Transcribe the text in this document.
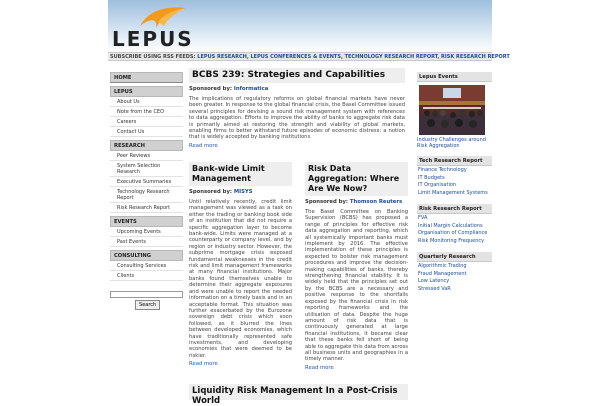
LEPUS
SUBSCRIBE USING RSS FEEDS: LEPUS RESEARCH, LEPUS CONFERENCES & EVENTS, TECHNOLOGY RESEARCH REPORT, RISK RESEARCH REPORT
HOME
LEPUS
About Us
Note from the CEO
Careers
Contact Us
RESEARCH
Peer Reviews
System Selection Research
Executive Summaries
Technology Research Report
Risk Research Report
EVENTS
Upcoming Events
Past Events
CONSULTING
Consulting Services
Clients
Search
BCBS 239: Strategies and Capabilities
Sponsored by: Informatica

The implications of regulatory reforms on global financial markets have never been greater. In response to the global financial crisis, the Basel Committee issued several principles for devising a sound risk management system with references to data aggregation. Efforts to improve the ability of banks to aggregate risk data is primarily aimed at restoring the strength and viability of global markets, enabling firms to better withstand future episodes of economic distress; a notion that is widely accepted by banking institutions

Read more
Bank-wide Limit Management
Sponsored by: MISYS

Until relatively recently, credit limit management was viewed as a task on either the trading or banking book side of an institution that did not require a specific aggregation layer to become bank-wide. Limits were managed at a counterparty or company level, and by region or industry sector. However, the subprime mortgage crisis exposed fundamental weaknesses in the credit risk and limit management frameworks at many financial institutions. Major banks found themselves unable to determine their aggregate exposures and were unable to report the needed information on a timely basis and in an acceptable format. This situation was further exacerbated by the Eurozone sovereign debt crisis which soon followed, as it blurred the lines between developed economies, which have traditionally represented safe investments, and developing economies that were deemed to be riskier.

Read more
Risk Data Aggregation: Where Are We Now?
Sponsored by: Thomson Reuters

The Basel Committee on Banking Supervision (BCBS) has proposed a range of principles for effective risk data aggregation and reporting, which all systemically important banks must implement by 2016. The effective implementation of these principles is expected to bolster risk management procedures and improve the decision-making capabilities of banks, thereby strengthening financial stability. It is widely held that the principles set out by the BCBS are a necessary and positive response to the shortfalls exposed by the financial crisis in risk reporting frameworks and the utilisation of data. Despite the huge amount of risk data that is continuously generated at large financial institutions, it became clear that these banks fell short of being able to aggregate this data from across all business units and geographies in a timely manner.

Read more
Liquidity Risk Management In a Post-Crisis World
Lepus Events
Industry Challenges around Risk Aggregation
Tech Research Report
Finance Technology
IT Budgets
IT Organisation
Limit Management Systems
Risk Research Report
FVA
Initial Margin Calculations
Organisation of Compliance
Risk Monitoring Frequency
Quarterly Research
Algorithmic Trading
Fraud Management
Low Latency
Stressed VaR
